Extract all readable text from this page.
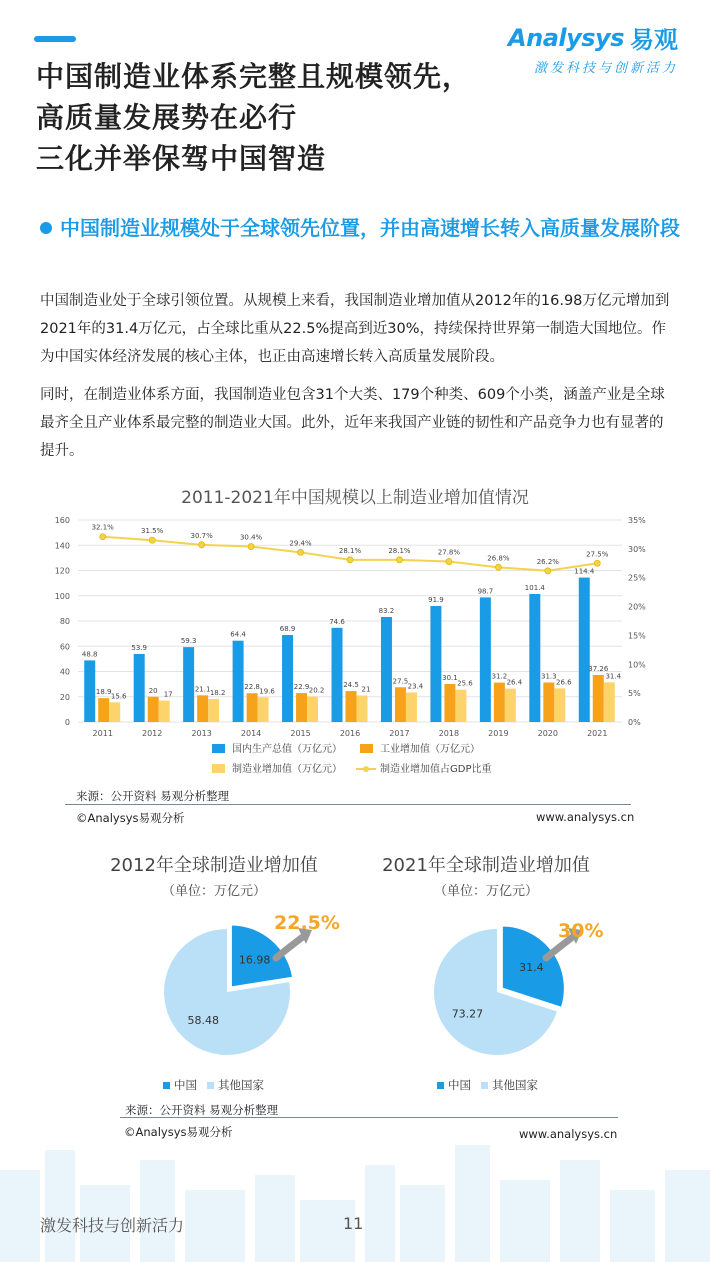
Analysys 易观
激发科技与创新活力
中国制造业体系完整且规模领先，
高质量发展势在必行
三化并举保驾中国智造
中国制造业规模处于全球领先位置，并由高速增长转入高质量发展阶段

中国制造业处于全球引领位置。从规模上来看，我国制造业增加值从2012年的16.98万亿元增加到2021年的31.4万亿元，占全球比重从22.5%提高到近30%，持续保持世界第一制造大国地位。作为中国实体经济发展的核心主体，也正由高速增长转入高质量发展阶段。

同时，在制造业体系方面，我国制造业包含31个大类、179个种类、609个小类，涵盖产业是全球最齐全且产业体系最完整的制造业大国。此外，近年来我国产业链的韧性和产品竞争力也有显著的提升。

2011-2021年中国规模以上制造业增加值情况
0
20
40
60
80
100
120
140
160
0%
5%
10%
15%
20%
25%
30%
35%
48.8
18.9
15.6
2011
53.9
20 17
2012
59.3
21.1 18.2
2013
64.4
22.8
19.6
2014
68.9
22.9 20.2
2015
74.6
24.5
21
2016
83.2
27.5
23.4
2017
91.9
30.1
25.6
2018
98.7
31.2
26.4
2019
101.4
31.3
26.6
2020
114.4
37.26
31.4
2021
32.1%	31.5%
30.7%	30.4%
29.4%
28.1%	28.1%	27.8%
26.8%	26.2%
27.5%
国内生产总值（万亿元）	工业增加值（万亿元）
制造业增加值（万亿元）	制造业增加值占GDP比重
来源：公开资料 易观分析整理
©Analysys易观分析	www.analysys.cn
2012年全球制造业增加值
（单位：万亿元）
2021年全球制造业增加值
（单位：万亿元）
16.98
58.48
31.4
73.27
22.5%	30%
中国	其他国家	中国	其他国家
来源：公开资料 易观分析整理
©Analysys易观分析	www.analysys.cn
激发科技与创新活力	11
